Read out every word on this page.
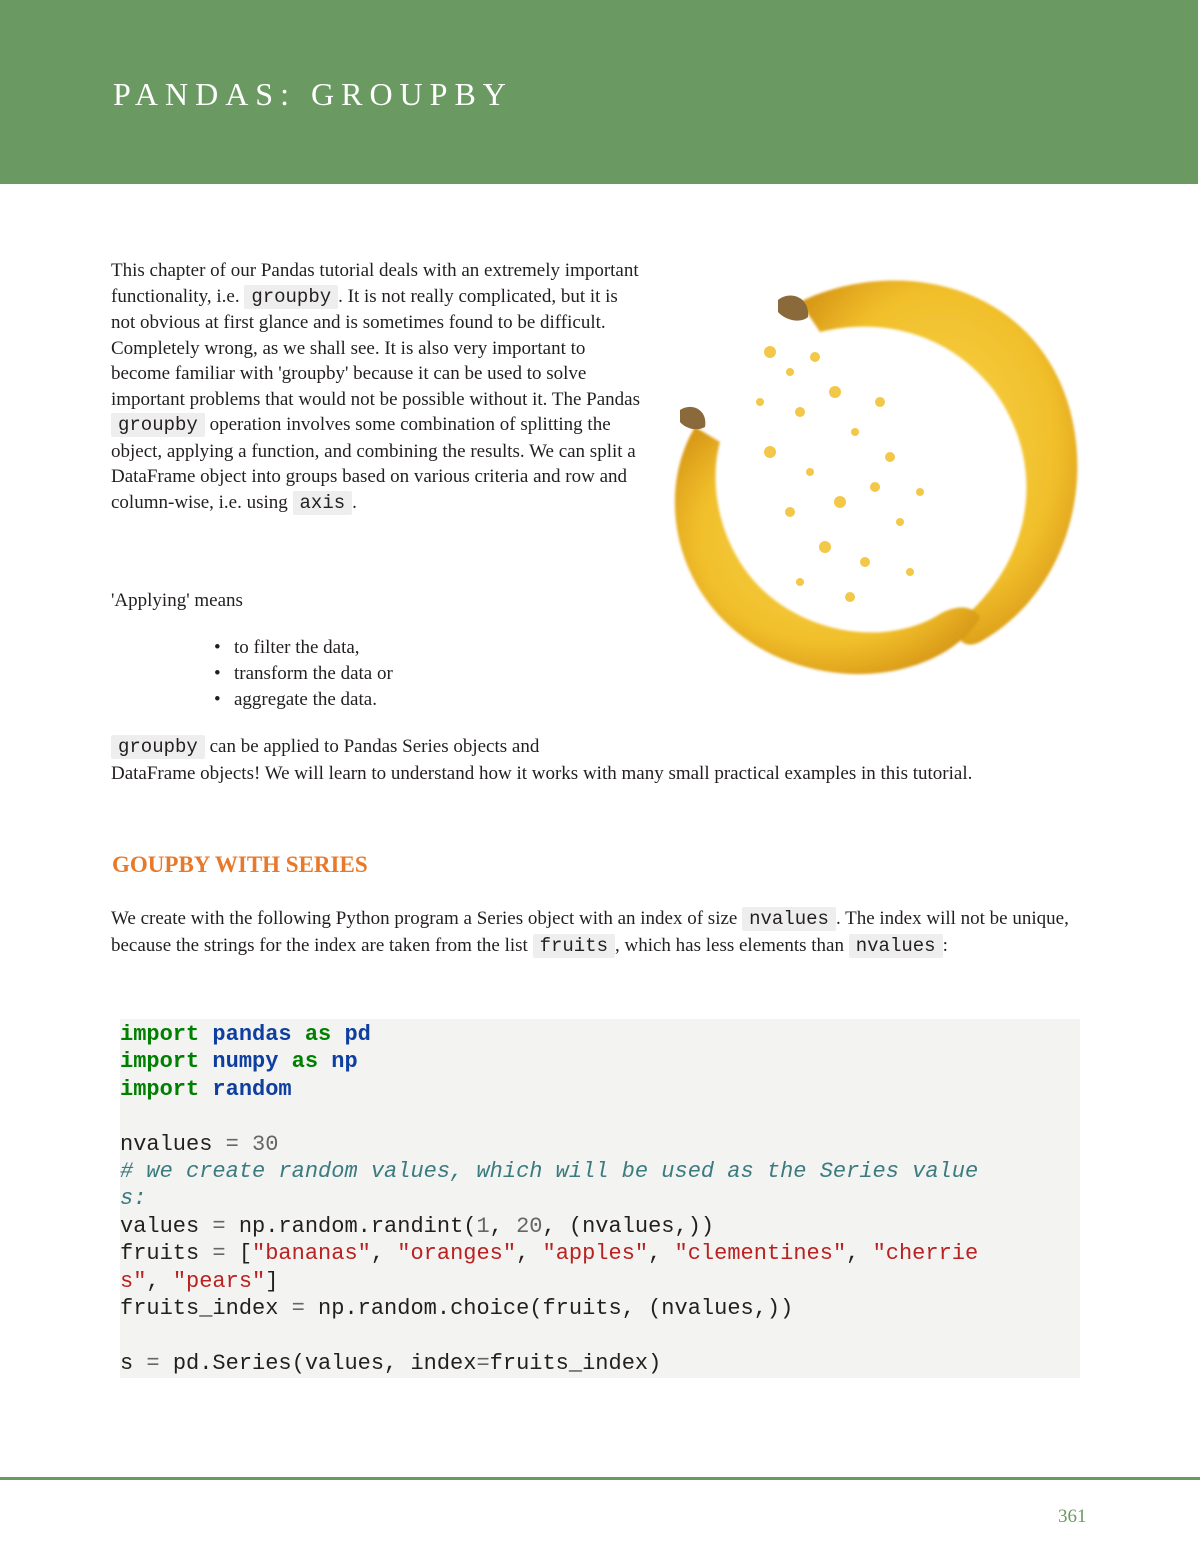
PANDAS: GROUPBY

This chapter of our Pandas tutorial deals with an extremely important functionality, i.e. groupby . It is not really complicated, but it is not obvious at first glance and is sometimes found to be difficult. Completely wrong, as we shall see. It is also very important to become familiar with 'groupby' because it can be used to solve important problems that would not be possible without it. The Pandas groupby operation involves some combination of splitting the object, applying a function, and combining the results. We can split a DataFrame object into groups based on various criteria and row and column-wise, i.e. using axis .

'Applying' means

• to filter the data,
• transform the data or
• aggregate the data.

groupby can be applied to Pandas Series objects and
DataFrame objects! We will learn to understand how it works with many small practical examples in this tutorial.

GOUPBY WITH SERIES

We create with the following Python program a Series object with an index of size nvalues . The index will not be unique, because the strings for the index are taken from the list fruits , which has less elements than nvalues :

import pandas as pd
import numpy as np
import random

nvalues = 30
# we create random values, which will be used as the Series value
s:
values = np.random.randint(1, 20, (nvalues,))
fruits = ["bananas", "oranges", "apples", "clementines", "cherrie
s", "pears"]
fruits_index = np.random.choice(fruits, (nvalues,))

s = pd.Series(values, index=fruits_index)

361
